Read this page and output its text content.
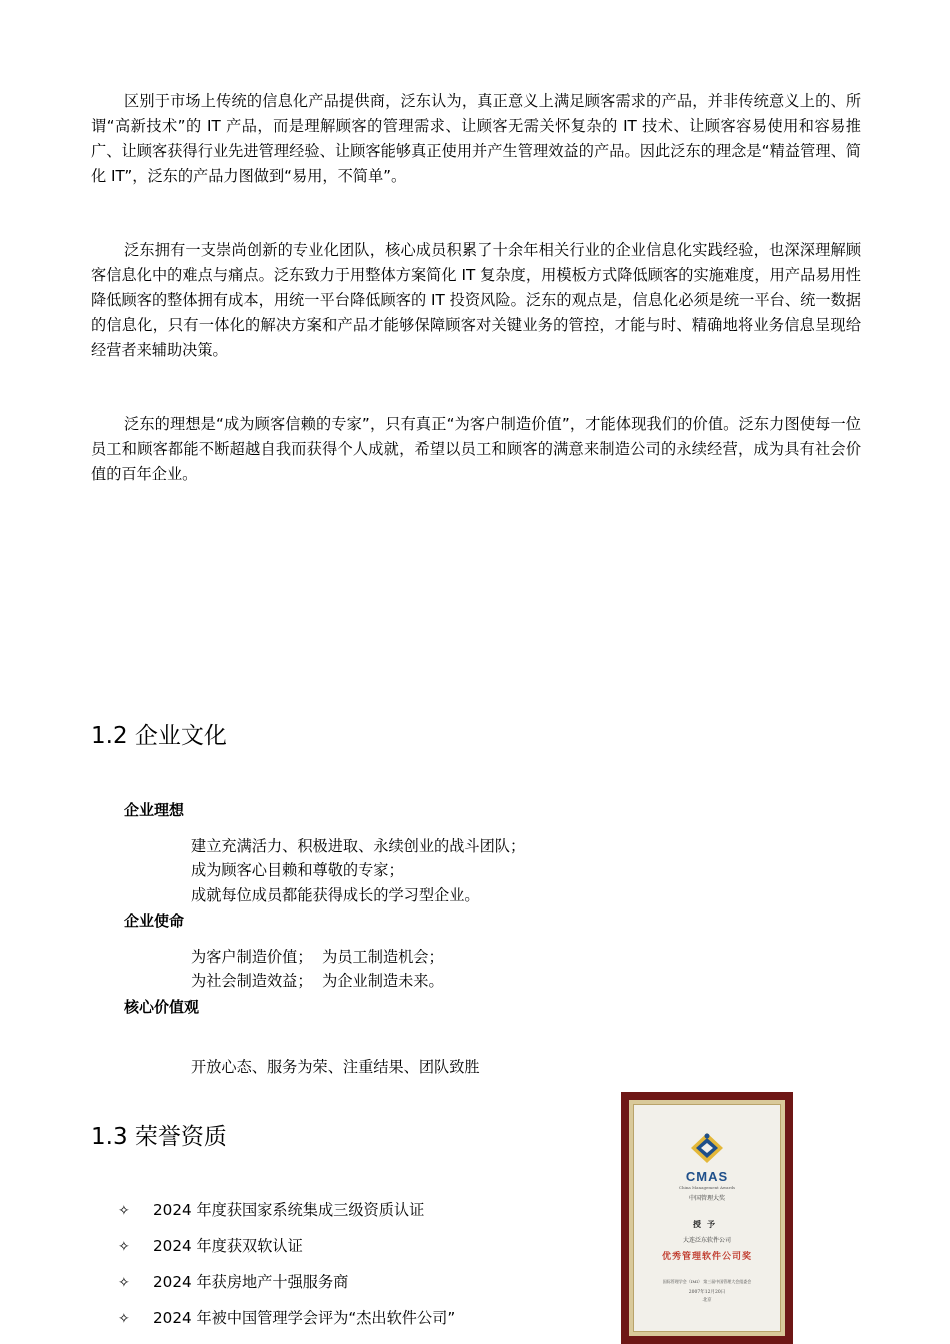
区别于市场上传统的信息化产品提供商，泛东认为，真正意义上满足顾客需求的产品，并非传统意义上的、所谓“高新技术”的 IT 产品，而是理解顾客的管理需求、让顾客无需关怀复杂的 IT 技术、让顾客容易使用和容易推广、让顾客获得行业先进管理经验、让顾客能够真正使用并产生管理效益的产品。因此泛东的理念是“精益管理、简化 IT”，泛东的产品力图做到“易用，不简单”。

泛东拥有一支崇尚创新的专业化团队，核心成员积累了十余年相关行业的企业信息化实践经验，也深深理解顾客信息化中的难点与痛点。泛东致力于用整体方案简化 IT 复杂度，用模板方式降低顾客的实施难度，用产品易用性降低顾客的整体拥有成本，用统一平台降低顾客的 IT 投资风险。泛东的观点是，信息化必须是统一平台、统一数据的信息化，只有一体化的解决方案和产品才能够保障顾客对关键业务的管控，才能与时、精确地将业务信息呈现给经营者来辅助决策。

泛东的理想是“成为顾客信赖的专家”，只有真正“为客户制造价值”，才能体现我们的价值。泛东力图使每一位员工和顾客都能不断超越自我而获得个人成就，希望以员工和顾客的满意来制造公司的永续经营，成为具有社会价值的百年企业。

1.2 企业文化
企业理想
建立充满活力、积极进取、永续创业的战斗团队；
成为顾客心目赖和尊敬的专家；
成就每位成员都能获得成长的学习型企业。
企业使命
为客户制造价值；  为员工制造机会；
为社会制造效益；  为企业制造未来。
核心价值观
开放心态、服务为荣、注重结果、团队致胜
1.3 荣誉资质
✧ 2024 年度获国家系统集成三级资质认证
✧ 2024 年度获双软认证
✧ 2024 年获房地产十强服务商
✧ 2024 年被中国管理学会评为“杰出软件公司”
CMAS
China Management Awards
中国管理大奖
授予
大连泛东软件公司
优秀管理软件公司奖
国际管理学会（IMI） 第三届中国管理大会组委会
2007年12月20日
北京
